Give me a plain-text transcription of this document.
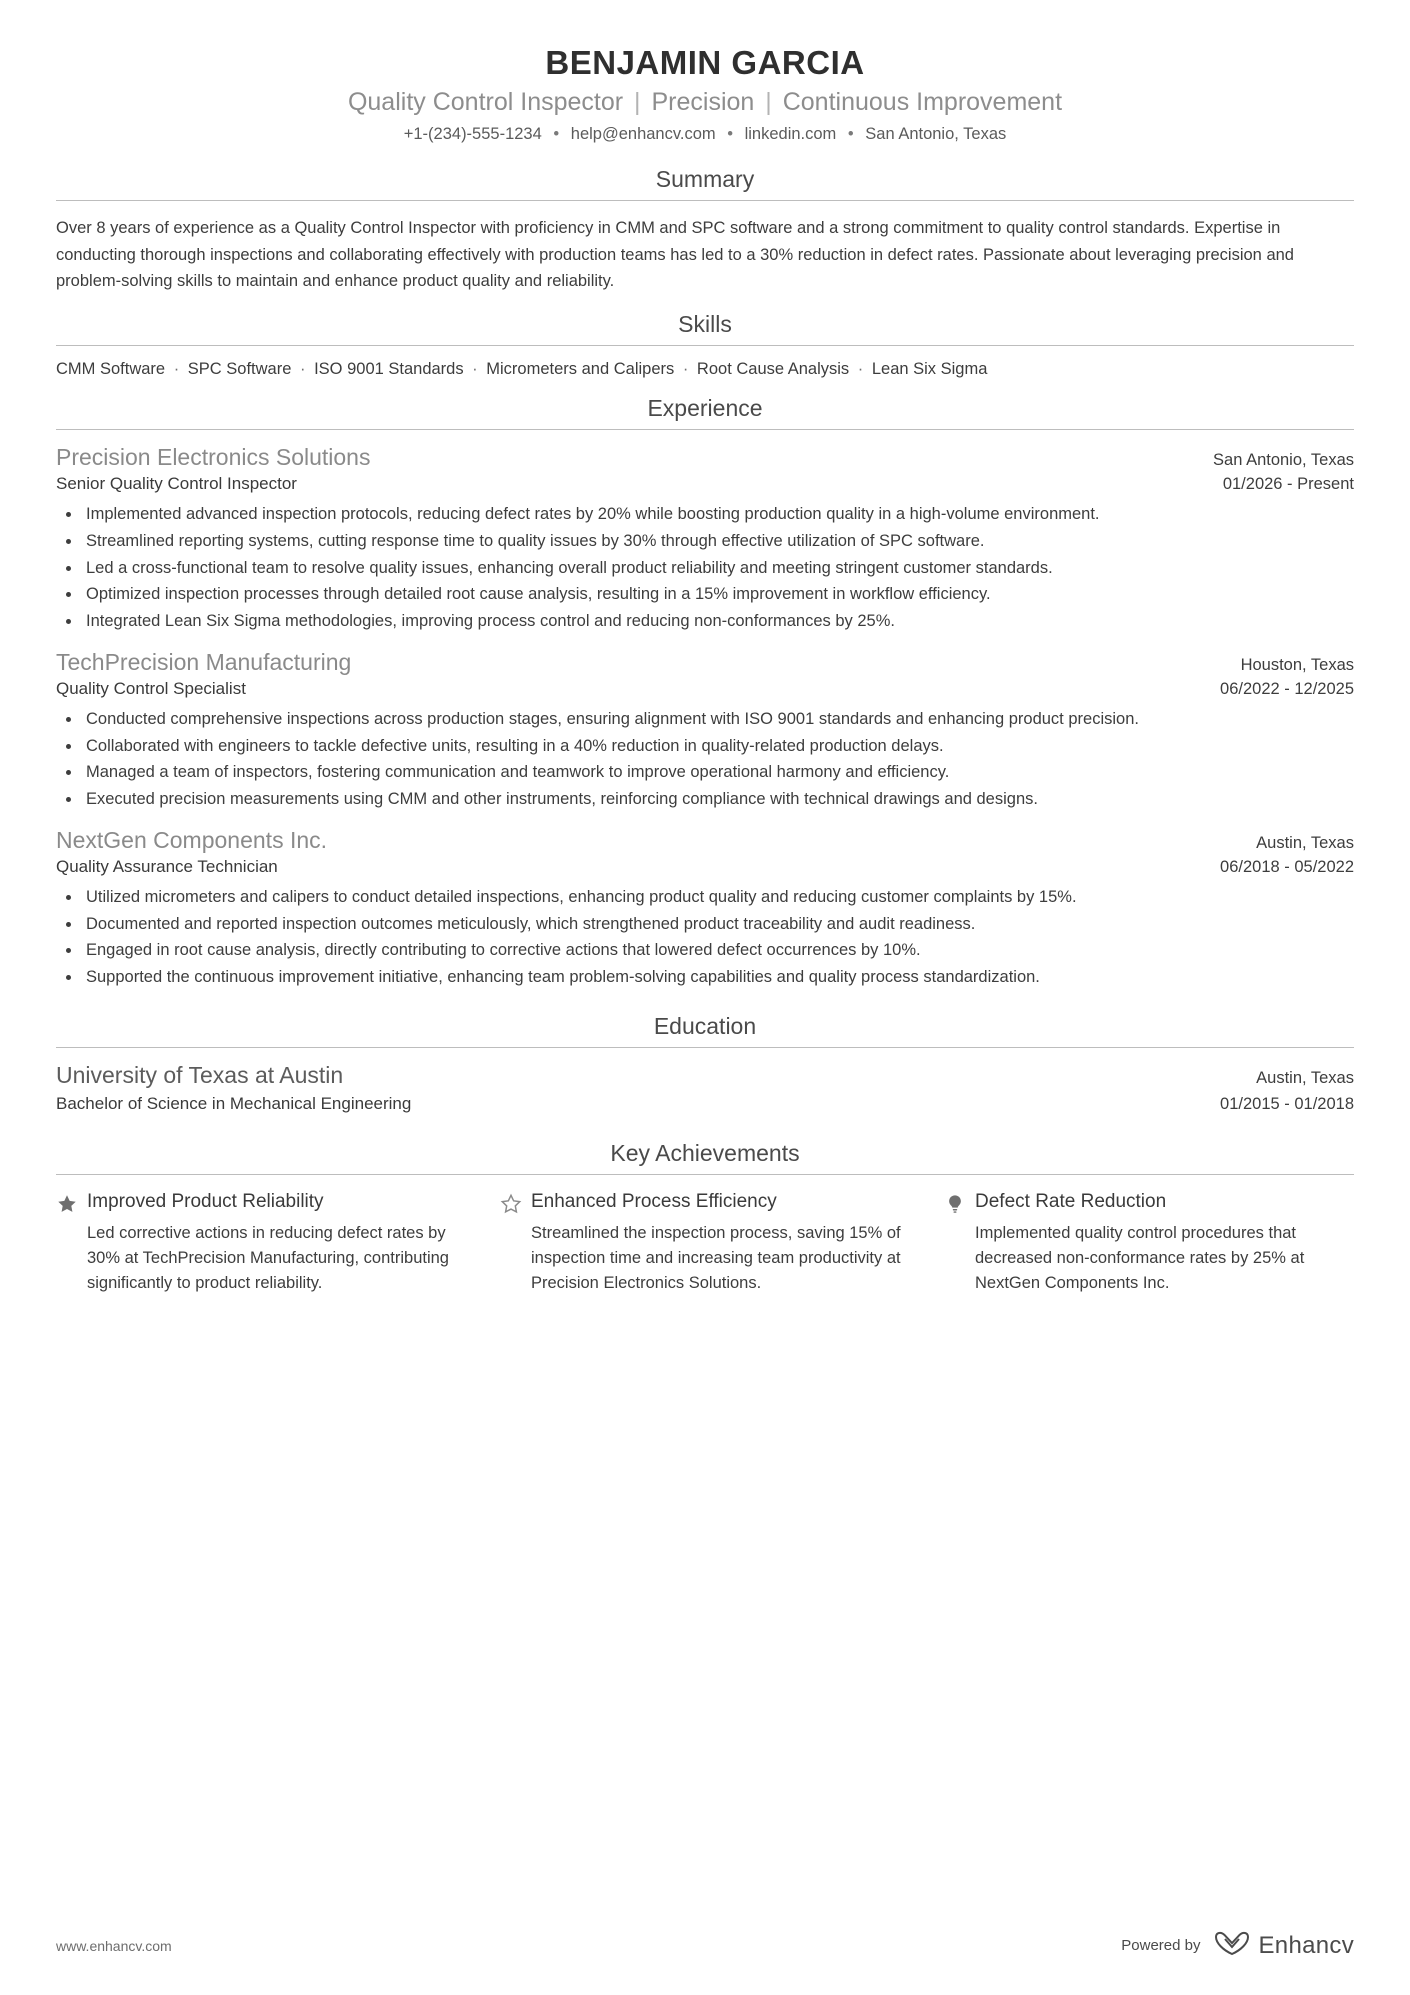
BENJAMIN GARCIA
Quality Control Inspector | Precision | Continuous Improvement
+1-(234)-555-1234 • help@enhancv.com • linkedin.com • San Antonio, Texas
Summary
Over 8 years of experience as a Quality Control Inspector with proficiency in CMM and SPC software and a strong commitment to quality control standards. Expertise in conducting thorough inspections and collaborating effectively with production teams has led to a 30% reduction in defect rates. Passionate about leveraging precision and problem-solving skills to maintain and enhance product quality and reliability.
Skills
CMM Software · SPC Software · ISO 9001 Standards · Micrometers and Calipers · Root Cause Analysis · Lean Six Sigma
Experience
Precision Electronics Solutions	San Antonio, Texas
Senior Quality Control Inspector	01/2026 - Present
• Implemented advanced inspection protocols, reducing defect rates by 20% while boosting production quality in a high-volume environment.
• Streamlined reporting systems, cutting response time to quality issues by 30% through effective utilization of SPC software.
• Led a cross-functional team to resolve quality issues, enhancing overall product reliability and meeting stringent customer standards.
• Optimized inspection processes through detailed root cause analysis, resulting in a 15% improvement in workflow efficiency.
• Integrated Lean Six Sigma methodologies, improving process control and reducing non-conformances by 25%.
TechPrecision Manufacturing	Houston, Texas
Quality Control Specialist	06/2022 - 12/2025
• Conducted comprehensive inspections across production stages, ensuring alignment with ISO 9001 standards and enhancing product precision.
• Collaborated with engineers to tackle defective units, resulting in a 40% reduction in quality-related production delays.
• Managed a team of inspectors, fostering communication and teamwork to improve operational harmony and efficiency.
• Executed precision measurements using CMM and other instruments, reinforcing compliance with technical drawings and designs.
NextGen Components Inc.	Austin, Texas
Quality Assurance Technician	06/2018 - 05/2022
• Utilized micrometers and calipers to conduct detailed inspections, enhancing product quality and reducing customer complaints by 15%.
• Documented and reported inspection outcomes meticulously, which strengthened product traceability and audit readiness.
• Engaged in root cause analysis, directly contributing to corrective actions that lowered defect occurrences by 10%.
• Supported the continuous improvement initiative, enhancing team problem-solving capabilities and quality process standardization.
Education
University of Texas at Austin	Austin, Texas
Bachelor of Science in Mechanical Engineering	01/2015 - 01/2018
Key Achievements
Improved Product Reliability
Led corrective actions in reducing defect rates by 30% at TechPrecision Manufacturing, contributing significantly to product reliability.
Enhanced Process Efficiency
Streamlined the inspection process, saving 15% of inspection time and increasing team productivity at Precision Electronics Solutions.
Defect Rate Reduction
Implemented quality control procedures that decreased non-conformance rates by 25% at NextGen Components Inc.
www.enhancv.com	Powered by Enhancv
